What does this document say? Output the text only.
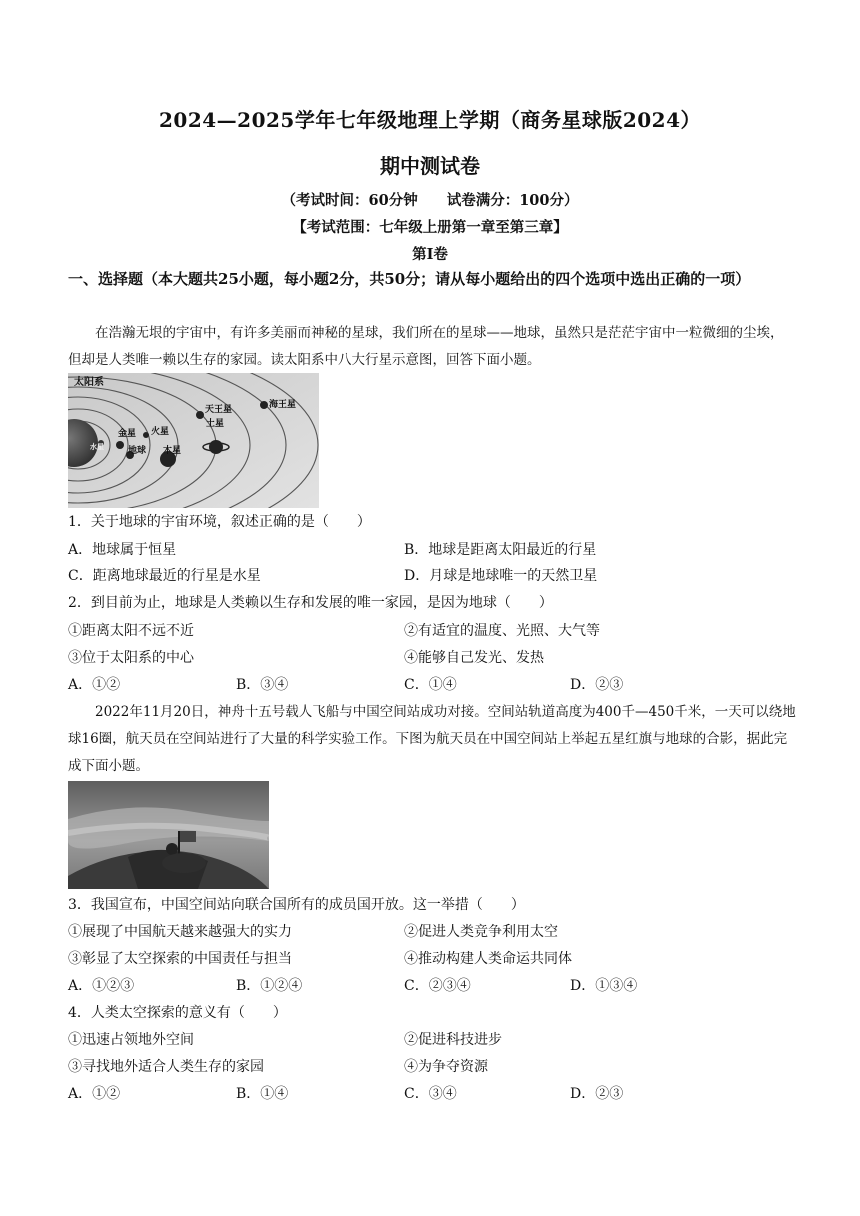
2024—2025学年七年级地理上学期（商务星球版2024）
期中测试卷
（考试时间：60分钟　　试卷满分：100分）
【考试范围：七年级上册第一章至第三章】
第Ⅰ卷
一、选择题（本大题共25小题，每小题2分，共50分；请从每小题给出的四个选项中选出正确的一项）
在浩瀚无垠的宇宙中，有许多美丽而神秘的星球，我们所在的星球——地球，虽然只是茫茫宇宙中一粒微细的尘埃，但却是人类唯一赖以生存的家园。读太阳系中八大行星示意图，回答下面小题。
太阳系
天王星	海王星
土星
金星 火星
水星	地球 木星
1．关于地球的宇宙环境，叙述正确的是（　　）
A．地球属于恒星	B．地球是距离太阳最近的行星
C．距离地球最近的行星是水星	D．月球是地球唯一的天然卫星
2．到目前为止，地球是人类赖以生存和发展的唯一家园，是因为地球（　　）
①距离太阳不远不近	②有适宜的温度、光照、大气等
③位于太阳系的中心	④能够自己发光、发热
A．①②	B．③④	C．①④	D．②③
2022年11月20日，神舟十五号载人飞船与中国空间站成功对接。空间站轨道高度为400千—450千米，一天可以绕地球16圈，航天员在空间站进行了大量的科学实验工作。下图为航天员在中国空间站上举起五星红旗与地球的合影，据此完成下面小题。
3．我国宣布，中国空间站向联合国所有的成员国开放。这一举措（　　）
①展现了中国航天越来越强大的实力	②促进人类竞争利用太空
③彰显了太空探索的中国责任与担当	④推动构建人类命运共同体
A．①②③	B．①②④	C．②③④	D．①③④
4．人类太空探索的意义有（　　）
①迅速占领地外空间	②促进科技进步
③寻找地外适合人类生存的家园	④为争夺资源
A．①②	B．①④	C．③④	D．②③
